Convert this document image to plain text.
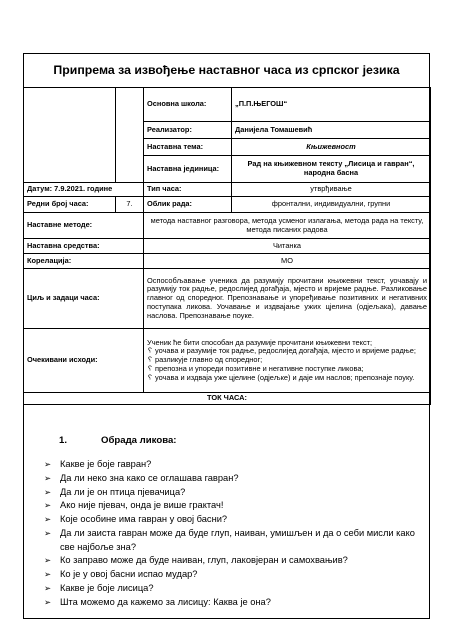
Припрема за извођење наставног часа из српског језика
		Основна школа:	„П.П.ЊЕГОШ“
		Реализатор:	Данијела Томашевић
		Наставна тема:	Књижевност
		Наставна јединица:	Рад на књижевном тексту „Лисица и гавран“, народна басна
Датум: 7.9.2021. године		Тип часа:	утврђивање
Редни број часа:	7.	Облик рада:	фронтални, индивидуални, групни
Наставне методе:		метода наставног разговора, метода усменог излагања, метода рада на тексту, метода писаних радова	
Наставна средства:		Читанка	
Корелација:		МО	
Циљ и задаци часа:		Оспособљавање ученика да разумију прочитани књижевни текст, уочавају и разумију ток радње, редослијед догађаја, мјесто и вријеме радње. Разликовање главног од споредног. Препознавање и упоређивање позитивних и негативних поступака ликова. Уочавање и издвајање ужих цјелина (одјељака), давање наслова. Препознавање поуке.	
Очекивани исходи:		Ученик ће бити способан да разумије прочитани књижевни текст;
␦ уочава и разумије ток радње, редослијед догађаја, мјесто и вријеме радње;
␦ разликује главно од споредног;
␦ препозна и упореди позитивне и негативне поступке ликова;
␦ уочава и издваја уже цјелине (одјељке) и даје им наслов; препознаје поуку.	

ТОК ЧАСА:			
1.	Обрада ликова:
➢ Какве је боје гавран?
➢ Да ли неко зна како се оглашава гавран?
➢ Да ли је он птица пјевачица?
➢ Ако није пјевач, онда је више грактач!
➢ Које особине има гавран у овој басни?
➢ Да ли заиста гавран може да буде глуп, наиван, умишљен и да о себи мисли како све најбоље зна?
➢ Ко заправо може да буде наиван, глуп, лаковјеран и самохвањив?
➢ Ко је у овој басни испао мудар?
➢ Какве је боје лисица?
➢ Шта можемо да кажемо за лисицу: Каква је она?
